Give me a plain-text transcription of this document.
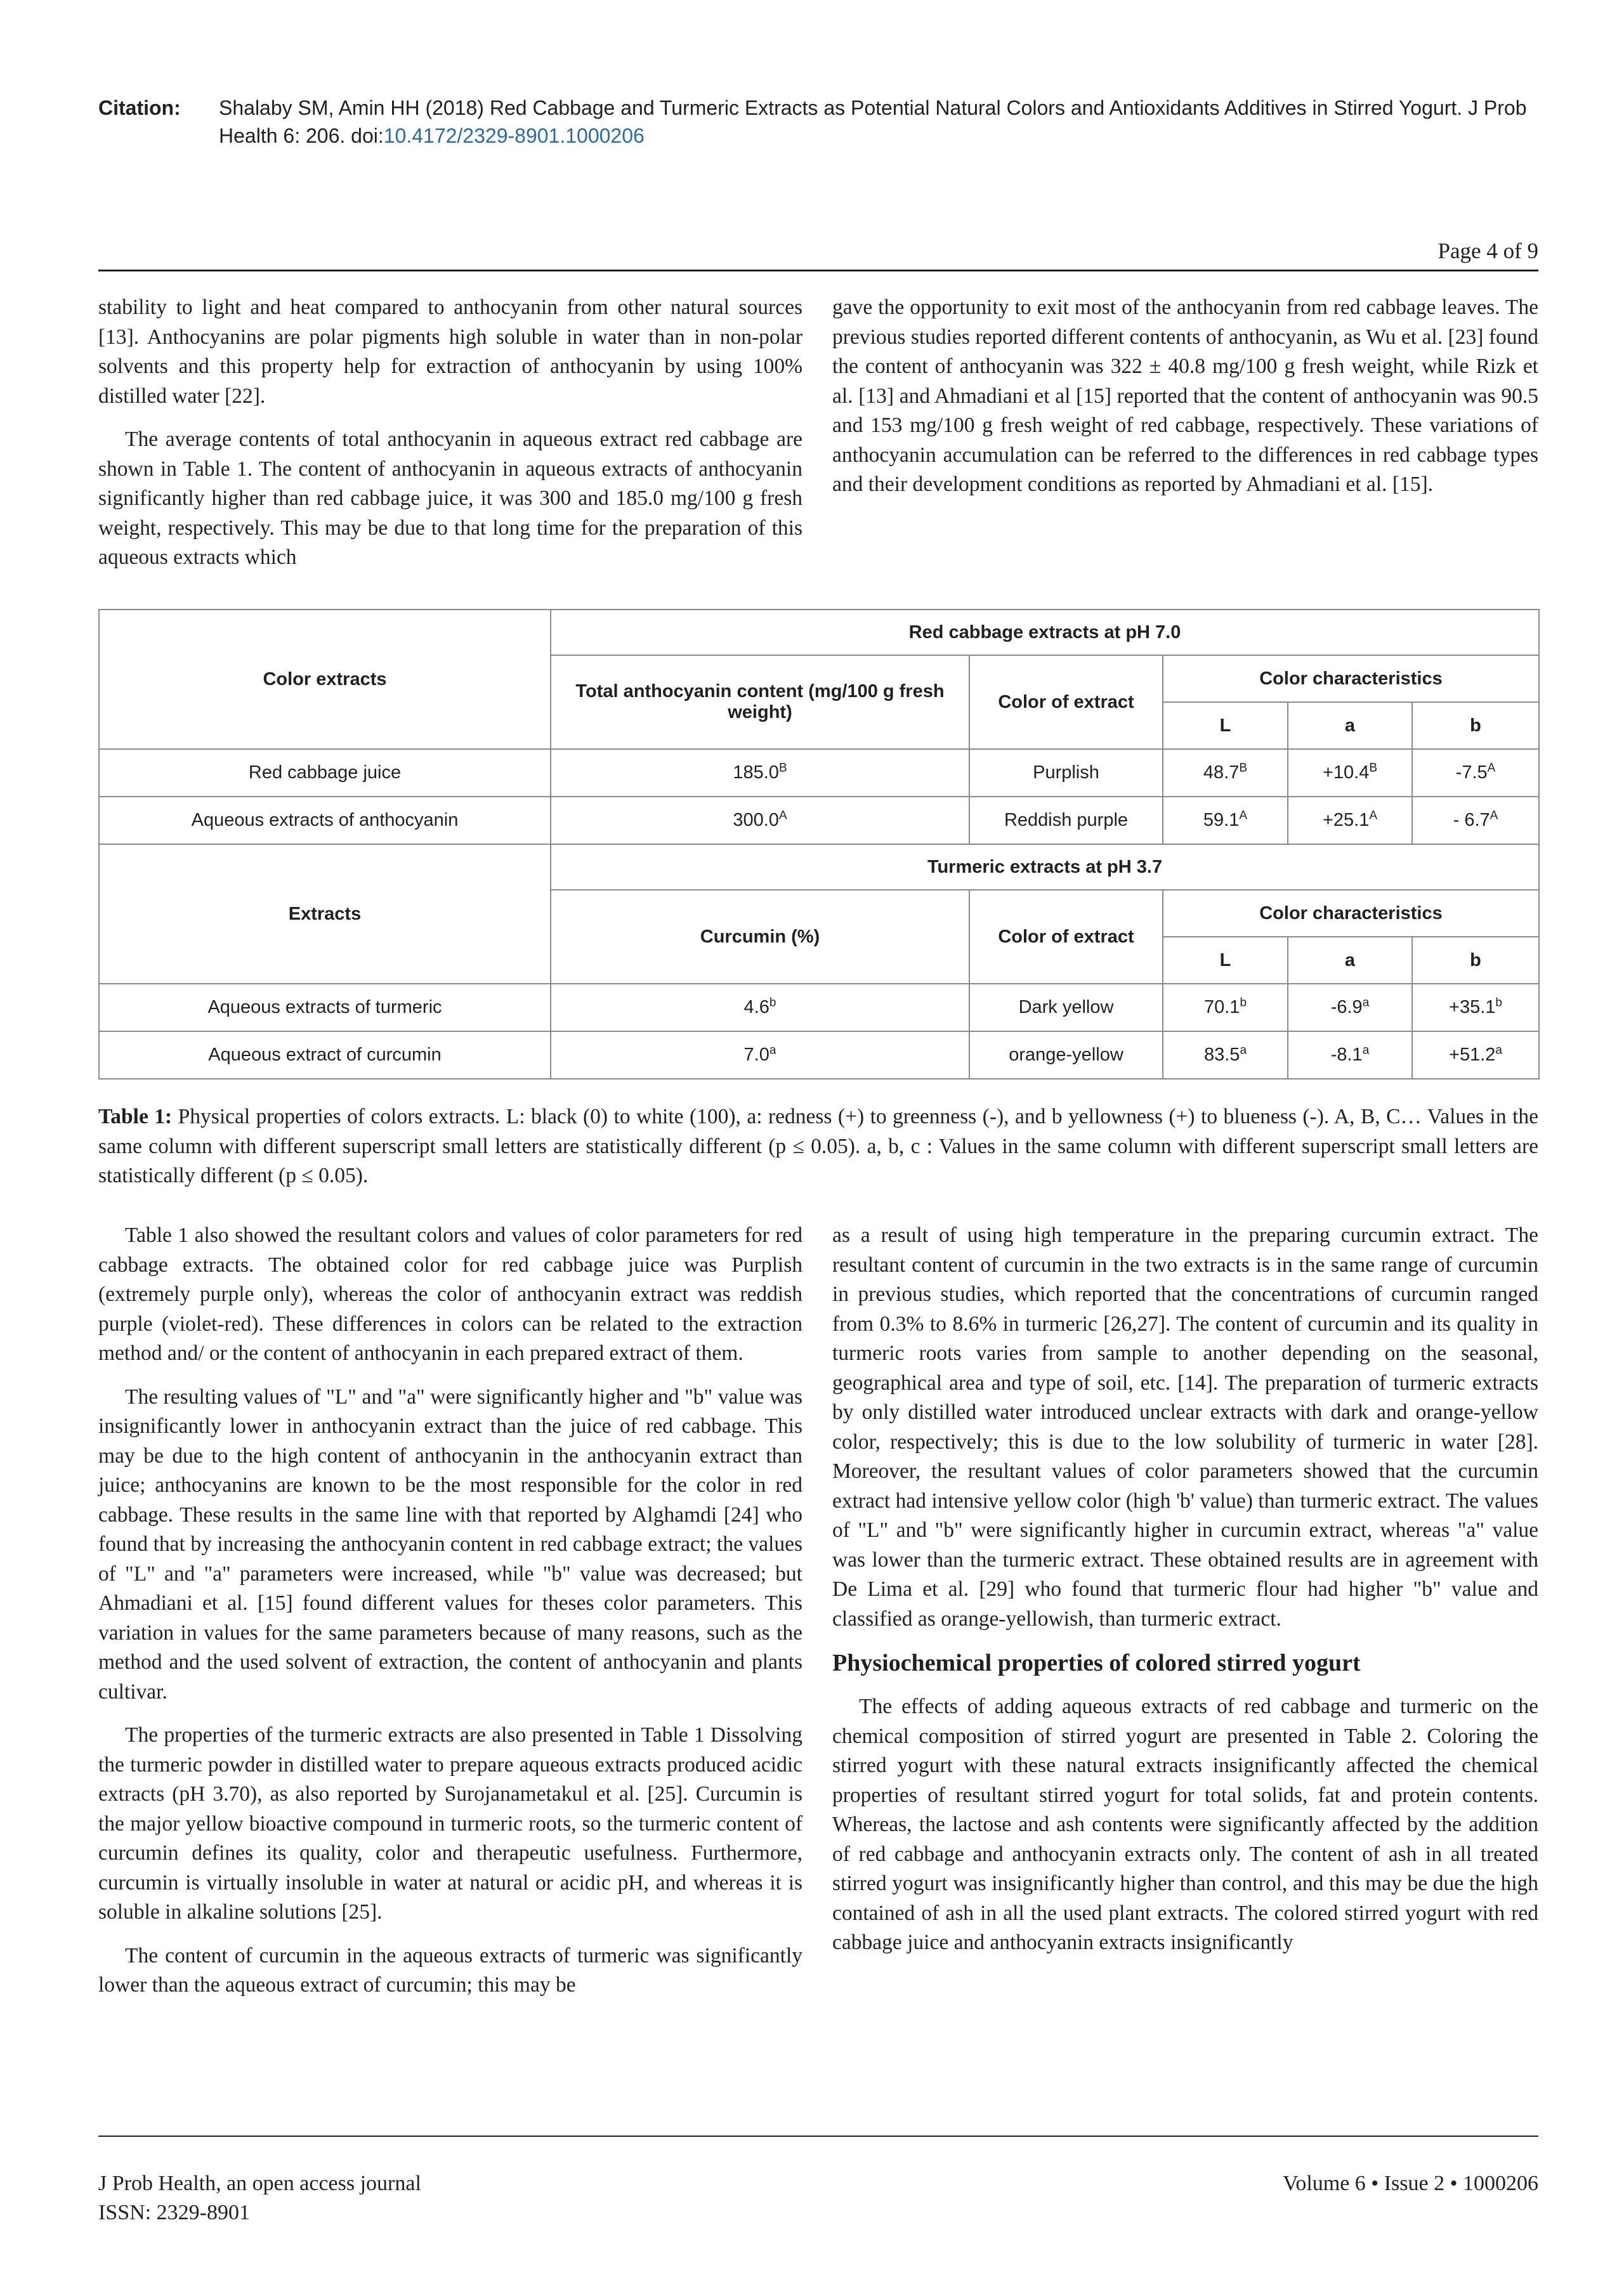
Citation: Shalaby SM, Amin HH (2018) Red Cabbage and Turmeric Extracts as Potential Natural Colors and Antioxidants Additives in Stirred Yogurt. J Prob Health 6: 206. doi:10.4172/2329-8901.1000206
Page 4 of 9

stability to light and heat compared to anthocyanin from other natural sources [13]. Anthocyanins are polar pigments high soluble in water than in non-polar solvents and this property help for extraction of anthocyanin by using 100% distilled water [22].

The average contents of total anthocyanin in aqueous extract red cabbage are shown in Table 1. The content of anthocyanin in aqueous extracts of anthocyanin significantly higher than red cabbage juice, it was 300 and 185.0 mg/100 g fresh weight, respectively. This may be due to that long time for the preparation of this aqueous extracts which

gave the opportunity to exit most of the anthocyanin from red cabbage leaves. The previous studies reported different contents of anthocyanin, as Wu et al. [23] found the content of anthocyanin was 322 ± 40.8 mg/100 g fresh weight, while Rizk et al. [13] and Ahmadiani et al [15] reported that the content of anthocyanin was 90.5 and 153 mg/100 g fresh weight of red cabbage, respectively. These variations of anthocyanin accumulation can be referred to the differences in red cabbage types and their development conditions as reported by Ahmadiani et al. [15].

Color extracts	Red cabbage extracts at pH 7.0				
	Total anthocyanin content (mg/100 g fresh weight)	Color of extract	Color characteristics		
			L	a	b
Red cabbage juice	$185.0^B$	Purplish	$48.7^B$	$+10.4^B$	$-7.5^A$
Aqueous extracts of anthocyanin	$300.0^A$	Reddish purple	$59.1^A$	$+25.1^A$	- $6.7^A$
Extracts	Turmeric extracts at pH 3.7				
	Curcumin (%)	Color of extract	Color characteristics		
			L	a	b
Aqueous extracts of turmeric	4.6$^b$	Dark yellow	70.1$^b$	-6.9$^a$	+35.1$^b$
Aqueous extract of curcumin	7.0$^a$	orange-yellow	83.5$^a$	-8.1$^a$	+51.2$^a$
Table 1: Physical properties of colors extracts. L: black (0) to white (100), a: redness (+) to greenness (-), and b yellowness (+) to blueness (-). A, B, C… Values in the same column with different superscript small letters are statistically different (p ≤ 0.05). a, b, c : Values in the same column with different superscript small letters are statistically different (p ≤ 0.05).

Table 1 also showed the resultant colors and values of color parameters for red cabbage extracts. The obtained color for red cabbage juice was Purplish (extremely purple only), whereas the color of anthocyanin extract was reddish purple (violet-red). These differences in colors can be related to the extraction method and/ or the content of anthocyanin in each prepared extract of them.

The resulting values of "L" and "a" were significantly higher and "b" value was insignificantly lower in anthocyanin extract than the juice of red cabbage. This may be due to the high content of anthocyanin in the anthocyanin extract than juice; anthocyanins are known to be the most responsible for the color in red cabbage. These results in the same line with that reported by Alghamdi [24] who found that by increasing the anthocyanin content in red cabbage extract; the values of "L" and "a" parameters were increased, while "b" value was decreased; but Ahmadiani et al. [15] found different values for theses color parameters. This variation in values for the same parameters because of many reasons, such as the method and the used solvent of extraction, the content of anthocyanin and plants cultivar.

The properties of the turmeric extracts are also presented in Table 1 Dissolving the turmeric powder in distilled water to prepare aqueous extracts produced acidic extracts (pH 3.70), as also reported by Surojanametakul et al. [25]. Curcumin is the major yellow bioactive compound in turmeric roots, so the turmeric content of curcumin defines its quality, color and therapeutic usefulness. Furthermore, curcumin is virtually insoluble in water at natural or acidic pH, and whereas it is soluble in alkaline solutions [25].

The content of curcumin in the aqueous extracts of turmeric was significantly lower than the aqueous extract of curcumin; this may be

as a result of using high temperature in the preparing curcumin extract. The resultant content of curcumin in the two extracts is in the same range of curcumin in previous studies, which reported that the concentrations of curcumin ranged from 0.3% to 8.6% in turmeric [26,27]. The content of curcumin and its quality in turmeric roots varies from sample to another depending on the seasonal, geographical area and type of soil, etc. [14]. The preparation of turmeric extracts by only distilled water introduced unclear extracts with dark and orange-yellow color, respectively; this is due to the low solubility of turmeric in water [28]. Moreover, the resultant values of color parameters showed that the curcumin extract had intensive yellow color (high 'b' value) than turmeric extract. The values of "L" and "b" were significantly higher in curcumin extract, whereas "a" value was lower than the turmeric extract. These obtained results are in agreement with De Lima et al. [29] who found that turmeric flour had higher "b" value and classified as orange-yellowish, than turmeric extract.

Physiochemical properties of colored stirred yogurt

The effects of adding aqueous extracts of red cabbage and turmeric on the chemical composition of stirred yogurt are presented in Table 2. Coloring the stirred yogurt with these natural extracts insignificantly affected the chemical properties of resultant stirred yogurt for total solids, fat and protein contents. Whereas, the lactose and ash contents were significantly affected by the addition of red cabbage and anthocyanin extracts only. The content of ash in all treated stirred yogurt was insignificantly higher than control, and this may be due the high contained of ash in all the used plant extracts. The colored stirred yogurt with red cabbage juice and anthocyanin extracts insignificantly

J Prob Health, an open access journal
ISSN: 2329-8901
Volume 6 • Issue 2 • 1000206
